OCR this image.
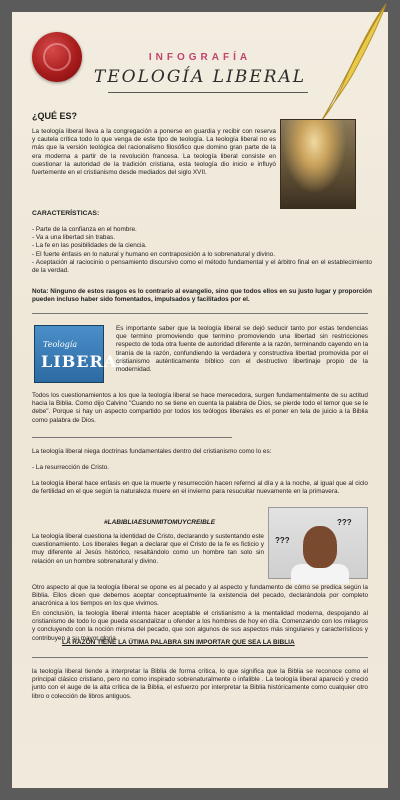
INFOGRAFÍA
TEOLOGÍA LIBERAL
¿QUÉ ES?
La teología liberal lleva a la congregación a ponerse en guardia y recibir con reserva y cautela crítica todo lo que venga de este tipo de teología. La teología liberal no es más que la versión teológica del racionalismo filosófico que domino gran parte de la era moderna a partir de la revolución francesa. La teología liberal consiste en cuestionar la autoridad de la tradición cristiana, esta teología dio inicio e influyó fuertemente en el cristianismo desde mediados del siglo XVII.
CARACTERÍSTICAS:
- Parte de la confianza en el hombre.
- Va a una libertad sin trabas.
- La fe en las posibilidades de la ciencia.
- El fuerte énfasis en lo natural y humano en contraposición a lo sobrenatural y divino.
- Aceptación al raciocinio o pensamiento discursivo como el método fundamental y el árbitro final en el establecimiento de la verdad.
Nota: Ninguno de estos rasgos es lo contrario al evangelio, sino que todos ellos en su justo lugar y proporción pueden incluso haber sido fomentados, impulsados y facilitados por el.
Teología
LIBERAL
Es importante saber que la teología liberal se dejó seducir tanto por estas tendencias que termino promoviendo que termino promoviendo una libertad sin restricciones respecto de toda otra fuente de autoridad diferente a la razón, terminando cayendo en la tiranía de la razón, confundiendo la verdadera y constructiva libertad promovida por el cristianismo auténticamente bíblico con el destructivo libertinaje propio de la modernidad.
Todos los cuestionamientos a los que la teología liberal se hace merecedora, surgen fundamentalmente de su actitud hacia la Biblia. Como dijo Calvino "Cuando no se tiene en cuenta la palabra de Dios, se pierde todo el temor que se le debe". Porque si hay un aspecto compartido por todos los teólogos liberales es el poner en tela de juicio a la Biblia como palabra de Dios.
La teología liberal niega doctrinas fundamentales dentro del cristianismo como lo es:
- La resurrección de Cristo.
La teología liberal hace enfasis en que la muerte y resurrección hacen refernci al día y a la noche, al igual que al ciclo de fertilidad en el que según la naturaleza muere en el invierno para resucuitar nuevamente en la primavera.
#LABIBLIAESUNMITOMUYCREIBLE	???
???
La teología liberal cuestiona la identidad de Cristo, declarando y sustentando este cuestionamiento. Los liberales llegan a declarar que el Cristo de la fe es ficticio y muy diferente al Jesús histórico, resaltándolo como un hombre tan solo sin relación en un hombre sobrenatural y divino.
Otro aspecto al que la teología liberal se opone es al pecado y al aspecto y fundamento de cómo se predica según la Biblia. Ellos dicen que debemos aceptar conceptualmente la existencia del pecado, declarándola por completo anacrónica a los tiempos en los que vivimos.
En conclusión, la teología liberal intenta hacer aceptable el cristianismo a la mentalidad moderna, despojando al cristianismo de todo lo que pueda escandalizar u ofender a los hombres de hoy en día. Comenzando con los milagros y concluyendo con la noción misma del pecado, que son algunos de sus aspectos más singulares y característicos y contribuyen a su mayor gloria.
LA RAZÓN TIENE LA ÚTIMA PALABRA SIN IMPORTAR QUE SEA LA BIBLIA
la teología liberal tiende a interpretar la Biblia de forma crítica, lo que significa que la Biblia se reconoce como el principal clásico cristiano, pero no como inspirado sobrenaturalmente o infalible . La teología liberal apareció y creció junto con el auge de la alta crítica de la Biblia, el esfuerzo por interpretar la Biblia históricamente como cualquier otro libro o colección de libros antiguos.
